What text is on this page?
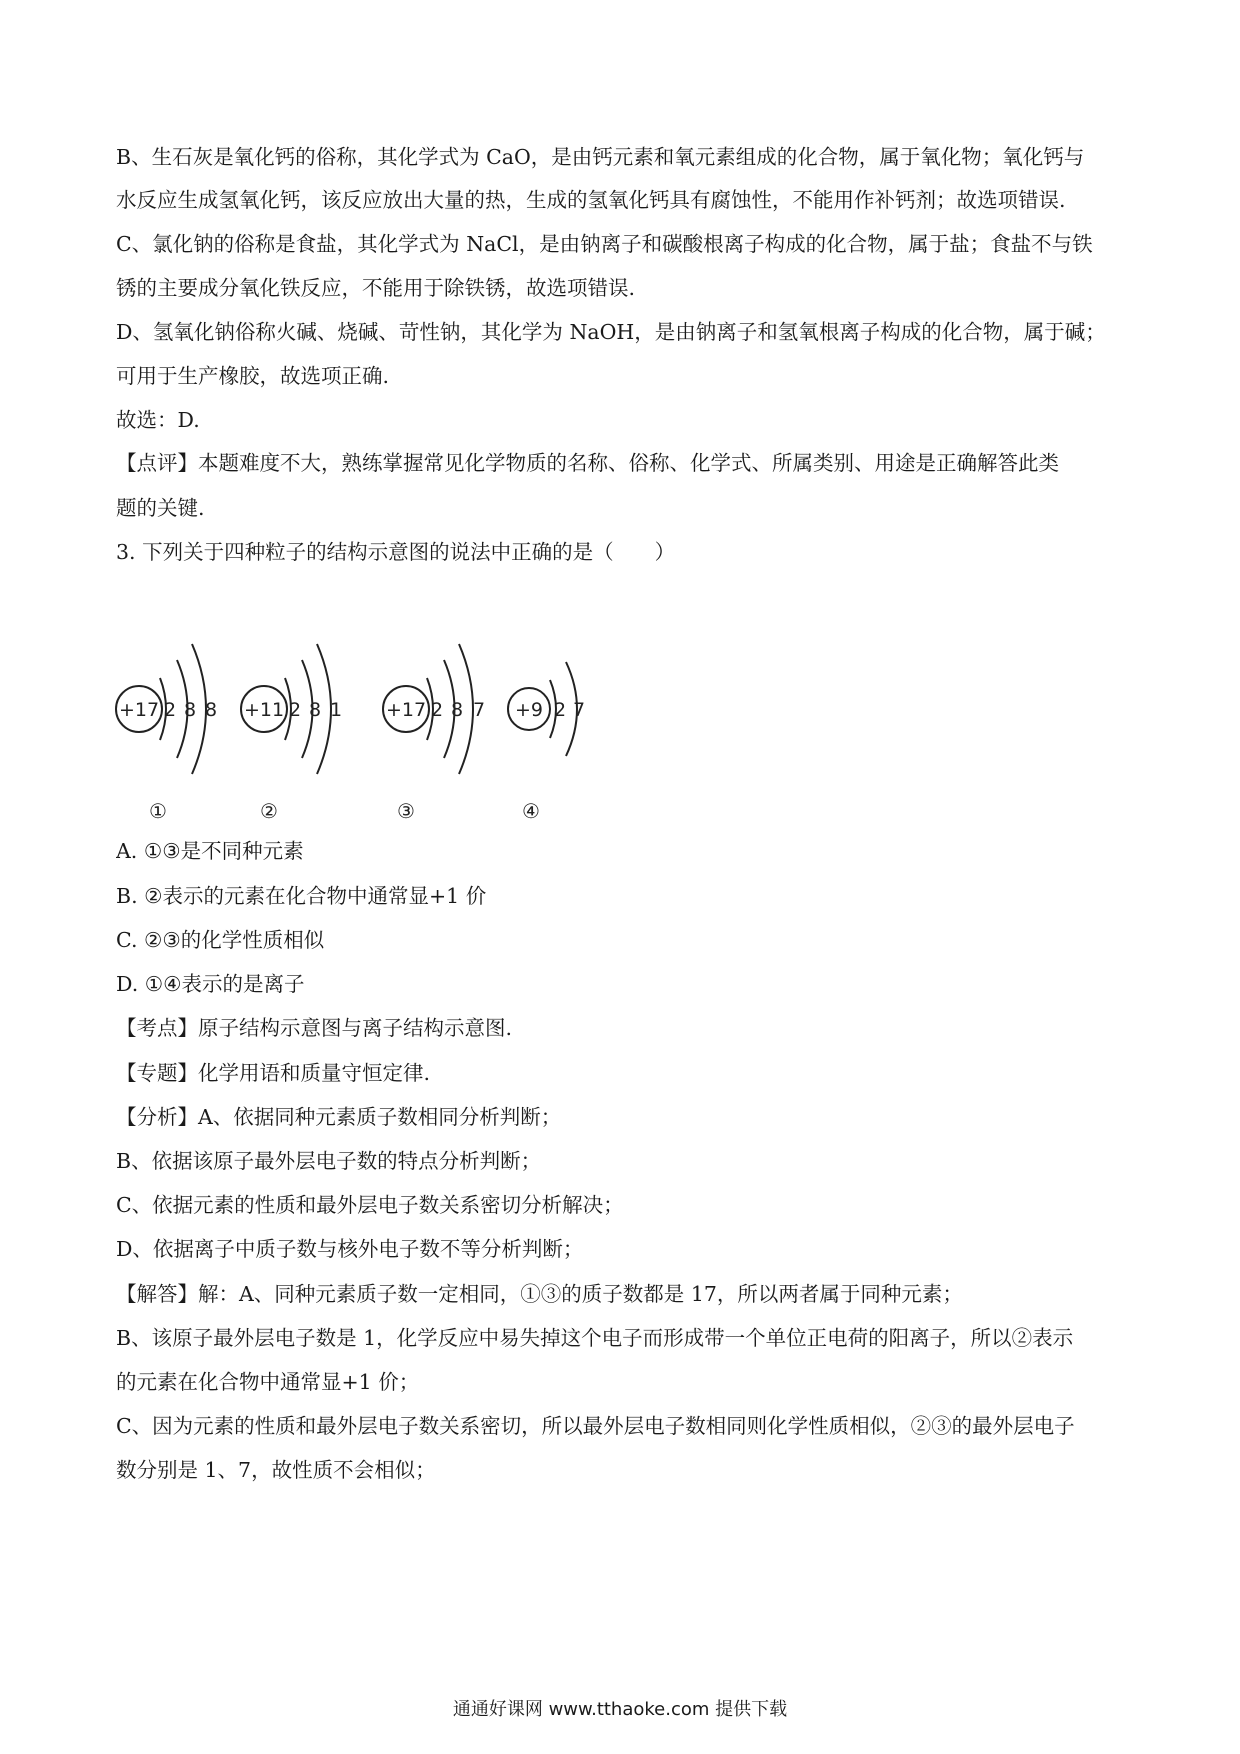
B、生石灰是氧化钙的俗称，其化学式为 CaO，是由钙元素和氧元素组成的化合物，属于氧化物；氧化钙与
水反应生成氢氧化钙，该反应放出大量的热，生成的氢氧化钙具有腐蚀性，不能用作补钙剂；故选项错误.
C、氯化钠的俗称是食盐，其化学式为 NaCl，是由钠离子和碳酸根离子构成的化合物，属于盐；食盐不与铁
锈的主要成分氧化铁反应，不能用于除铁锈，故选项错误.
D、氢氧化钠俗称火碱、烧碱、苛性钠，其化学为 NaOH，是由钠离子和氢氧根离子构成的化合物，属于碱；
可用于生产橡胶，故选项正确.
故选：D.
【点评】本题难度不大，熟练掌握常见化学物质的名称、俗称、化学式、所属类别、用途是正确解答此类
题的关键.
3. 下列关于四种粒子的结构示意图的说法中正确的是（　　）
+17 2 8 8 +11 2 8 1 +17 2 8 7 +9 2 7
①	②	③	④
A. ①③是不同种元素
B. ②表示的元素在化合物中通常显+1 价
C. ②③的化学性质相似
D. ①④表示的是离子
【考点】原子结构示意图与离子结构示意图.
【专题】化学用语和质量守恒定律.
【分析】A、依据同种元素质子数相同分析判断；
B、依据该原子最外层电子数的特点分析判断；
C、依据元素的性质和最外层电子数关系密切分析解决；
D、依据离子中质子数与核外电子数不等分析判断；
【解答】解：A、同种元素质子数一定相同，①③的质子数都是 17，所以两者属于同种元素；
B、该原子最外层电子数是 1，化学反应中易失掉这个电子而形成带一个单位正电荷的阳离子，所以②表示
的元素在化合物中通常显+1 价；
C、因为元素的性质和最外层电子数关系密切，所以最外层电子数相同则化学性质相似，②③的最外层电子
数分别是 1、7，故性质不会相似；
通通好课网 www.tthaoke.com 提供下载
